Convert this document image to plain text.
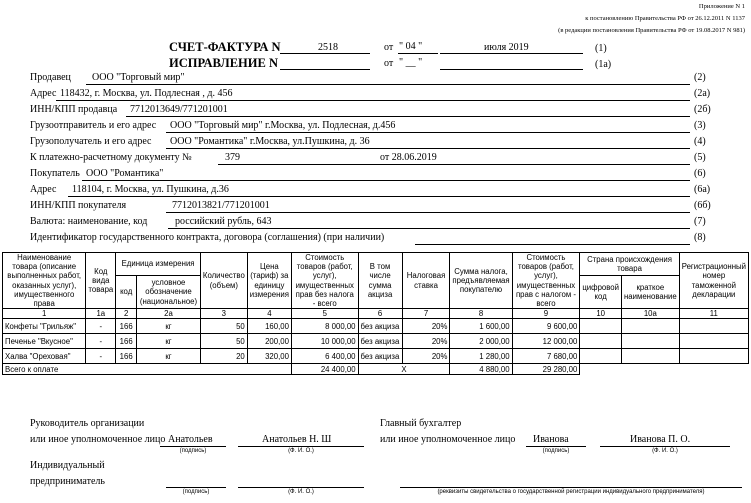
Приложение N 1
к постановлению Правительства РФ от 26.12.2011 N 1137
(в редакции постановления Правительства РФ от 19.08.2017 N 981)
СЧЕТ-ФАКТУРА N	2518	от " 04 "	июля 2019	(1)
ИСПРАВЛЕНИЕ N	от " __ "	(1а)
Продавец ООО "Торговый мир"	(2)
Адрес 118432, г. Москва, ул. Подлесная , д. 456	(2а)
ИНН/КПП продавца 7712013649/771201001	(2б)
Грузоотправитель и его адрес ООО "Торговый мир" г.Москва, ул. Подлесная, д.456	(3)
Грузополучатель и его адрес ООО "Романтика" г.Москва, ул.Пушкина, д. 36	(4)
К платежно-расчетному документу №	379	от 28.06.2019	(5)
Покупатель ООО "Романтика"	(6)
Адрес 118104, г. Москва, ул. Пушкина, д.36	(6а)
ИНН/КПП покупателя	7712013821/771201001	(6б)
Валюта: наименование, код	российский рубль, 643	(7)
Идентификатор государственного контракта, договора (соглашения) (при наличии)	(8)
Наименование товара (описание выполненных работ, оказанных услуг), имущественного права	Код вида товара	Единица измерения		Количество (объем)	Цена (тариф) за единицу измерения	Стоимость товаров (работ, услуг), имущественных прав без налога - всего	В том числе сумма акциза	Налоговая ставка	Сумма налога, предъявляемая покупателю	Стоимость товаров (работ, услуг), имущественных прав с налогом - всего	Страна происхождения товара		Регистрационный номер таможенной декларации
		код	условное обозначение (национальное)								цифровой код	краткое наименование	
1	1а	2	2а	3	4	5	6	7	8	9	10	10а	11
Конфеты "Грильяж"	-	166	кг	50	160,00	8 000,00	без акциза	20%	1 600,00	9 600,00			
Печенье "Вкусное"	-	166	кг	50	200,00	10 000,00	без акциза	20%	2 000,00	12 000,00			
Халва "Ореховая"	-	166	кг	20	320,00	6 400,00	без акциза	20%	1 280,00	7 680,00			
Всего к оплате						24 400,00	Х		4 880,00	29 280,00			
Руководитель организации
или иное уполномоченное лицо Анатольев
(подпись)
Анатольев Н. Ш
(Ф. И. О.)
Главный бухгалтер
или иное уполномоченное лицо Иванова
(подпись)
Иванова П. О.
(Ф. И. О.)
Индивидуальный
предприниматель
(подпись)	(Ф. И. О.)	(реквизиты свидетельства о государственной регистрации индивидуального предпринимателя)
